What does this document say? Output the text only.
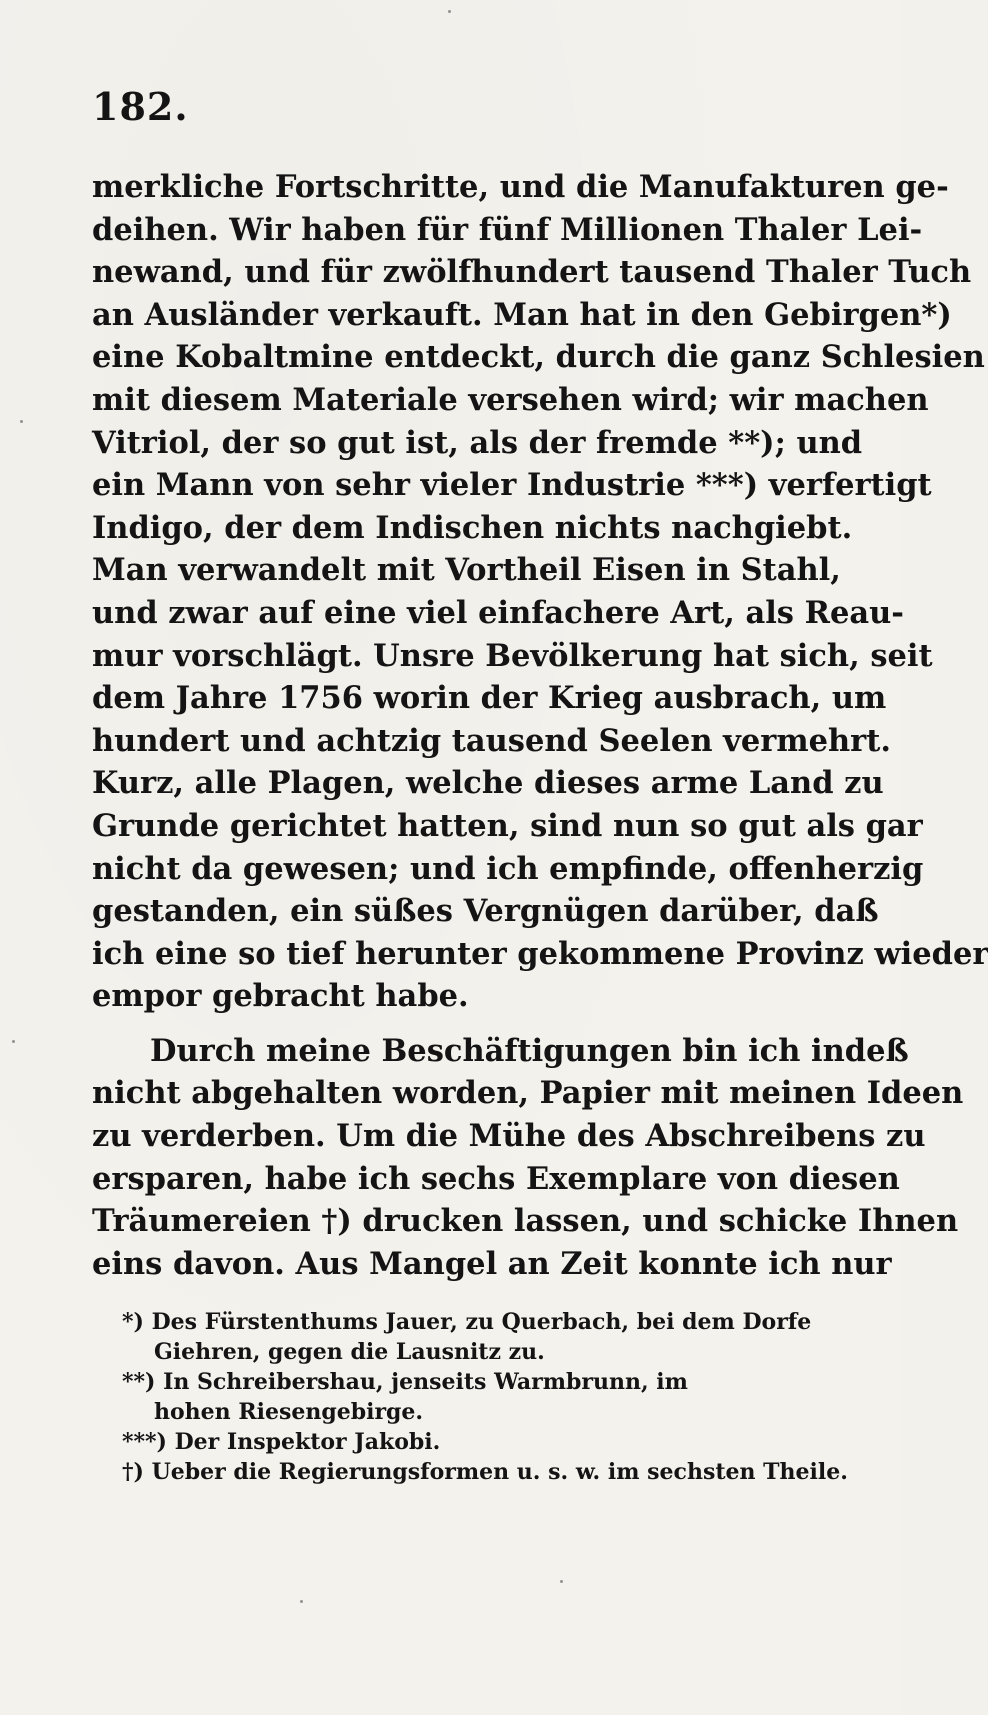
182.
merkliche Fortschritte, und die Manufakturen ge-
deihen. Wir haben für fünf Millionen Thaler Lei-
newand, und für zwölfhundert tausend Thaler Tuch
an Ausländer verkauft. Man hat in den Gebirgen*)
eine Kobaltmine entdeckt, durch die ganz Schlesien
mit diesem Materiale versehen wird; wir machen
Vitriol, der so gut ist, als der fremde **); und
ein Mann von sehr vieler Industrie ***) verfertigt
Indigo, der dem Indischen nichts nachgiebt.
Man verwandelt mit Vortheil Eisen in Stahl,
und zwar auf eine viel einfachere Art, als Reau-
mur vorschlägt. Unsre Bevölkerung hat sich, seit
dem Jahre 1756 worin der Krieg ausbrach, um
hundert und achtzig tausend Seelen vermehrt.
Kurz, alle Plagen, welche dieses arme Land zu
Grunde gerichtet hatten, sind nun so gut als gar
nicht da gewesen; und ich empfinde, offenherzig
gestanden, ein süßes Vergnügen darüber, daß
ich eine so tief herunter gekommene Provinz wieder
empor gebracht habe.
Durch meine Beschäftigungen bin ich indeß
nicht abgehalten worden, Papier mit meinen Ideen
zu verderben. Um die Mühe des Abschreibens zu
ersparen, habe ich sechs Exemplare von diesen
Träumereien †) drucken lassen, und schicke Ihnen
eins davon. Aus Mangel an Zeit konnte ich nur
*) Des Fürstenthums Jauer, zu Querbach, bei dem Dorfe
Giehren, gegen die Lausnitz zu.
**) In Schreibershau, jenseits Warmbrunn, im
hohen Riesengebirge.
***) Der Inspektor Jakobi.
†) Ueber die Regierungsformen u. s. w. im sechsten Theile.
